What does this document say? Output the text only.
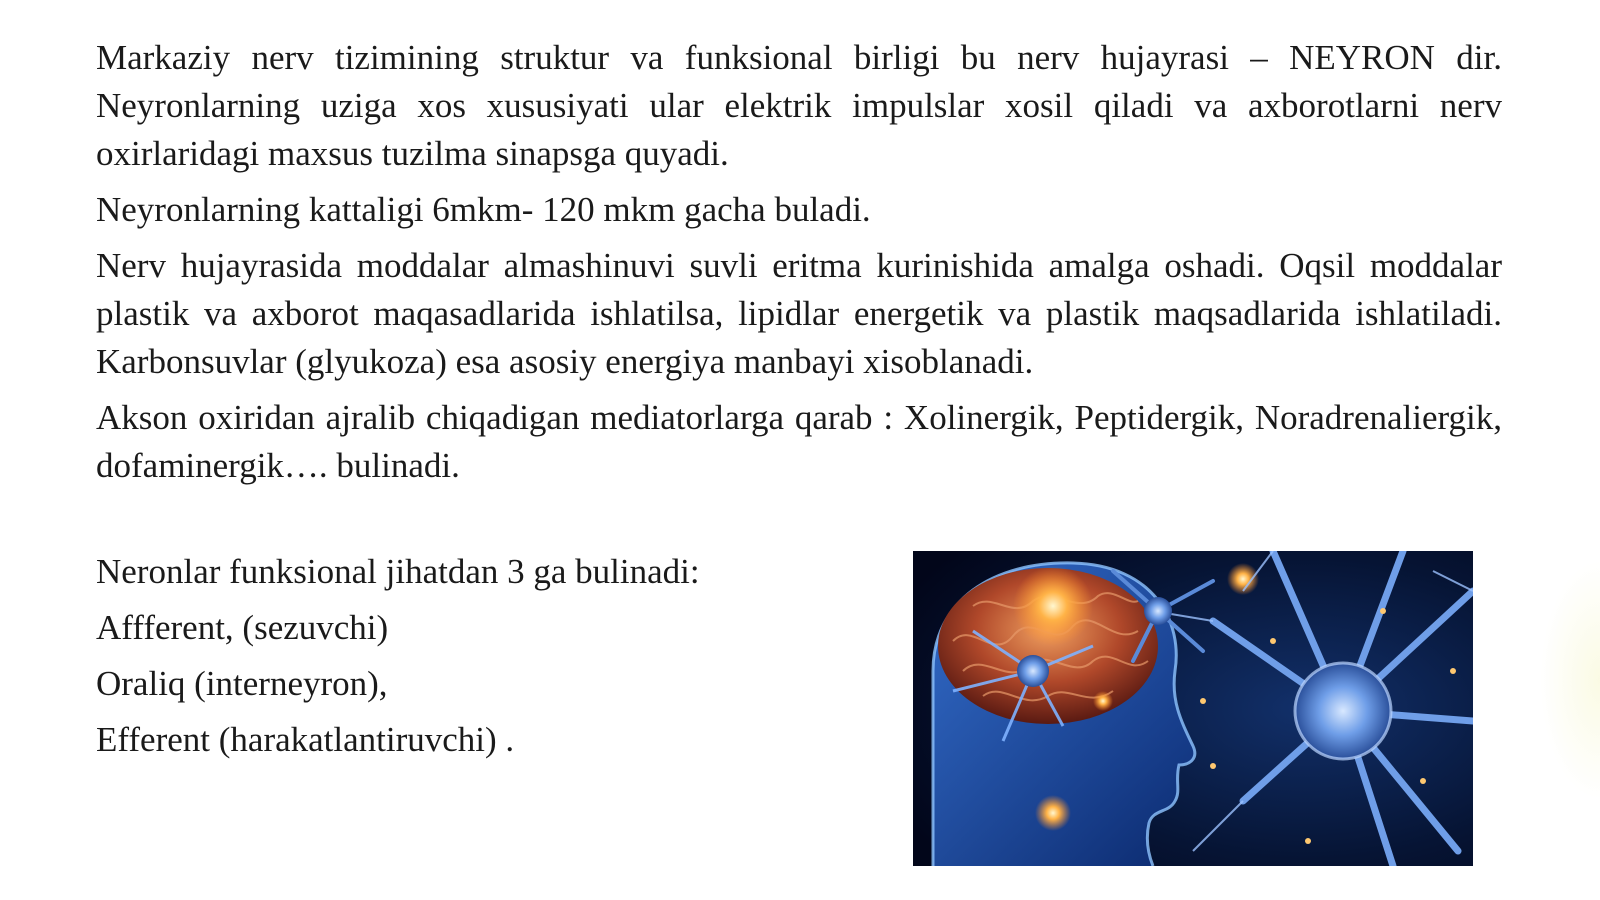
Markaziy nerv tizimining struktur va funksional birligi bu nerv hujayrasi – NEYRON dir. Neyronlarning uziga xos xususiyati ular elektrik impulslar xosil qiladi va axborotlarni nerv oxirlaridagi maxsus tuzilma sinapsga quyadi.

Neyronlarning kattaligi 6mkm- 120 mkm gacha buladi.

Nerv hujayrasida moddalar almashinuvi suvli eritma kurinishida amalga oshadi. Oqsil moddalar plastik va axborot maqasadlarida ishlatilsa, lipidlar energetik va plastik maqsadlarida ishlatiladi. Karbonsuvlar (glyukoza) esa asosiy energiya manbayi xisoblanadi.

Akson oxiridan ajralib chiqadigan mediatorlarga qarab : Xolinergik, Peptidergik, Noradrenaliergik, dofaminergik…. bulinadi.

Neronlar funksional jihatdan 3 ga bulinadi:

Affferent, (sezuvchi)

Oraliq (interneyron),

Efferent (harakatlantiruvchi) .
